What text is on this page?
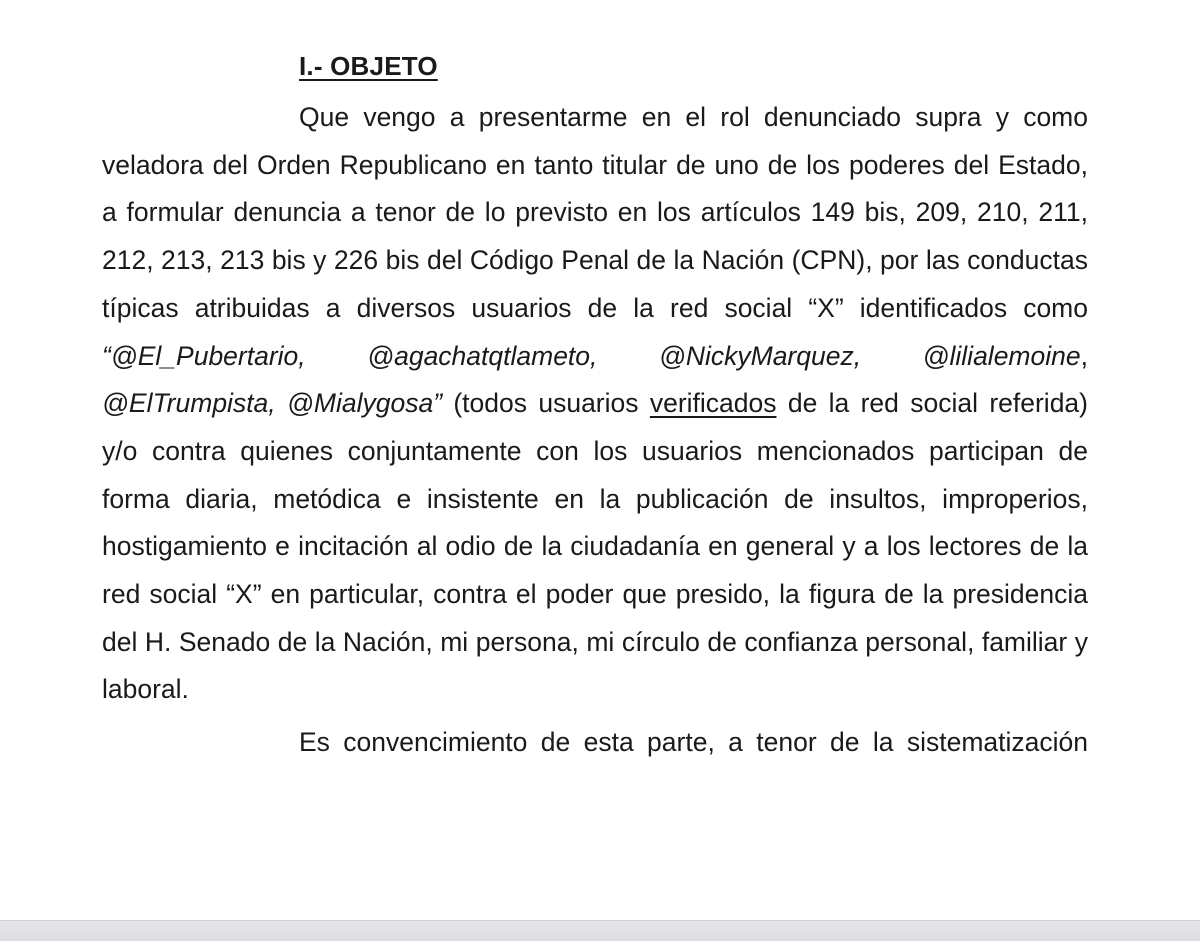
I.- OBJETO

Que vengo a presentarme en el rol denunciado supra y como veladora del Orden Republicano en tanto titular de uno de los poderes del Estado, a formular denuncia a tenor de lo previsto en los artículos 149 bis, 209, 210, 211, 212, 213, 213 bis y 226 bis del Código Penal de la Nación (CPN), por las conductas típicas atribuidas a diversos usuarios de la red social “X” identificados como “@El_Pubertario, @agachatqtlameto, @NickyMarquez, @lilialemoine, @ElTrumpista, @Mialygosa” (todos usuarios verificados de la red social referida) y/o contra quienes conjuntamente con los usuarios mencionados participan de forma diaria, metódica e insistente en la publicación de insultos, improperios, hostigamiento e incitación al odio de la ciudadanía en general y a los lectores de la red social “X” en particular, contra el poder que presido, la figura de la presidencia del H. Senado de la Nación, mi persona, mi círculo de confianza personal, familiar y laboral.

Es convencimiento de esta parte, a tenor de la sistematización
